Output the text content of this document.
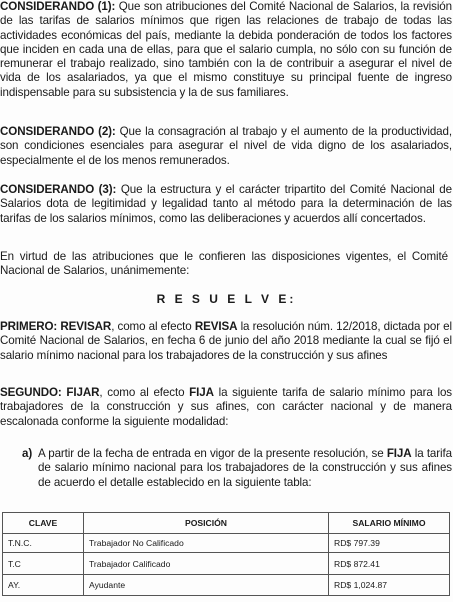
CONSIDERANDO (1): Que son atribuciones del Comité Nacional de Salarios, la revisión de las tarifas de salarios mínimos que rigen las relaciones de trabajo de todas las actividades económicas del país, mediante la debida ponderación de todos los factores que inciden en cada una de ellas, para que el salario cumpla, no sólo con su función de remunerar el trabajo realizado, sino también con la de contribuir a asegurar el nivel de vida de los asalariados, ya que el mismo constituye su principal fuente de ingreso indispensable para su subsistencia y la de sus familiares.

CONSIDERANDO (2): Que la consagración al trabajo y el aumento de la productividad, son condiciones esenciales para asegurar el nivel de vida digno de los asalariados, especialmente el de los menos remunerados.

CONSIDERANDO (3): Que la estructura y el carácter tripartito del Comité Nacional de Salarios dota de legitimidad y legalidad tanto al método para la determinación de las tarifas de los salarios mínimos, como las deliberaciones y acuerdos allí concertados.

En virtud de las atribuciones que le confieren las disposiciones vigentes, el Comité Nacional de Salarios, unánimemente:

R E S U E L V E:

PRIMERO: REVISAR, como al efecto REVISA la resolución núm. 12/2018, dictada por el Comité Nacional de Salarios, en fecha 6 de junio del año 2018 mediante la cual se fijó el salario mínimo nacional para los trabajadores de la construcción y sus afines

SEGUNDO: FIJAR, como al efecto FIJA la siguiente tarifa de salario mínimo para los trabajadores de la construcción y sus afines, con carácter nacional y de manera escalonada conforme la siguiente modalidad:

a) A partir de la fecha de entrada en vigor de la presente resolución, se FIJA la tarifa de salario mínimo nacional para los trabajadores de la construcción y sus afines de acuerdo el detalle establecido en la siguiente tabla:

CLAVE	POSICIÓN	SALARIO MÍNIMO
T.N.C.	Trabajador No Calificado	RD$ 797.39
T.C	Trabajador Calificado	RD$ 872.41
AY.	Ayudante	RD$ 1,024.87
